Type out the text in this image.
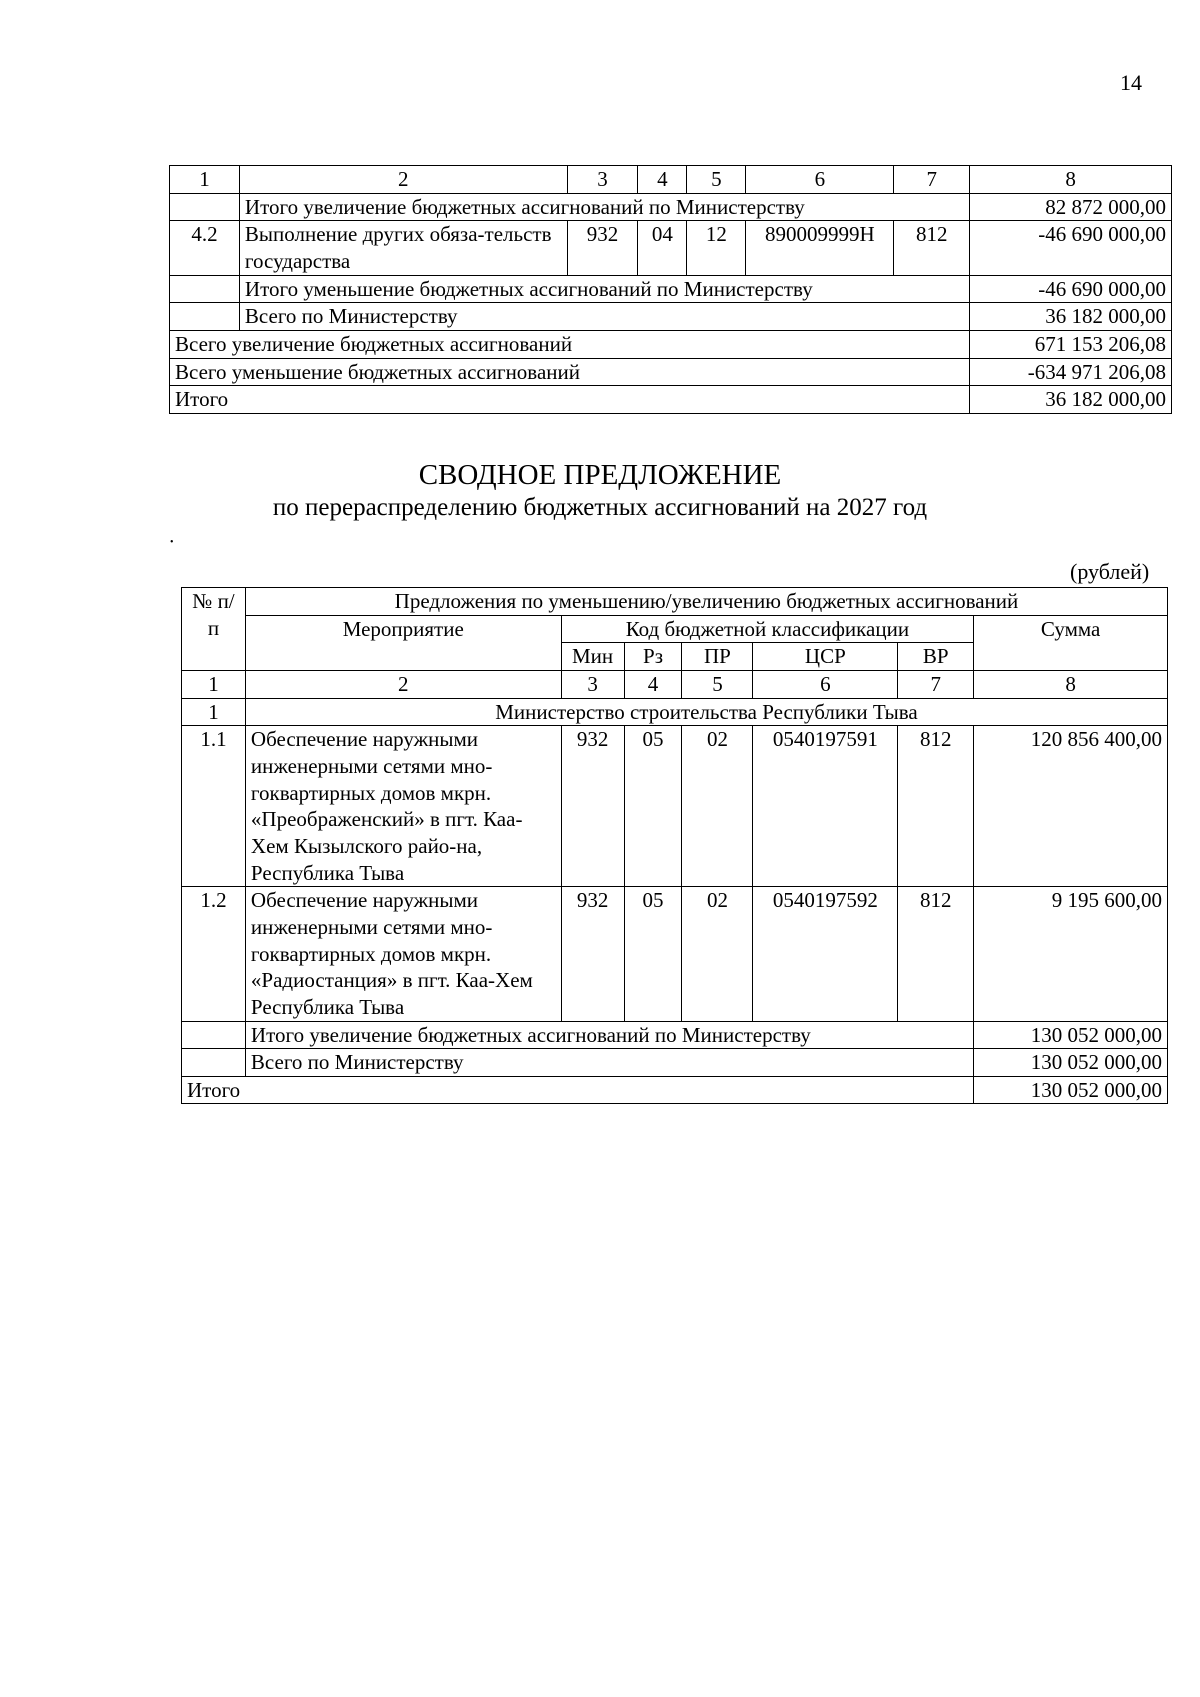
14
1	2	3	4	5	6	7	8
	Итого увеличение бюджетных ассигнований по Министерству						82 872 000,00
4.2	Выполнение других обяза-тельств государства	932	04	12	890009999Н	812	-46 690 000,00
	Итого уменьшение бюджетных ассигнований по Министерству						-46 690 000,00
	Всего по Министерству						36 182 000,00
Всего увеличение бюджетных ассигнований							671 153 206,08
Всего уменьшение бюджетных ассигнований							-634 971 206,08
Итого							36 182 000,00
СВОДНОЕ ПРЕДЛОЖЕНИЕ
по перераспределению бюджетных ассигнований на 2027 год
•
(рублей)
№ п/п	Предложения по уменьшению/увеличению бюджетных ассигнований						
	Мероприятие	Код бюджетной классификации					Сумма
		Мин	Рз	ПР	ЦСР	ВР	
1	2	3	4	5	6	7	8
1	Министерство строительства Республики Тыва						
1.1	Обеспечение наружными инженерными сетями мно-гоквартирных домов мкрн. «Преображенский» в пгт. Каа-Хем Кызылского райо-на, Республика Тыва	932	05	02	0540197591	812	120 856 400,00
1.2	Обеспечение наружными инженерными сетями мно-гоквартирных домов мкрн. «Радиостанция» в пгт. Каа-Хем Республика Тыва	932	05	02	0540197592	812	9 195 600,00
	Итого увеличение бюджетных ассигнований по Министерству						130 052 000,00
	Всего по Министерству						130 052 000,00
Итого							130 052 000,00
